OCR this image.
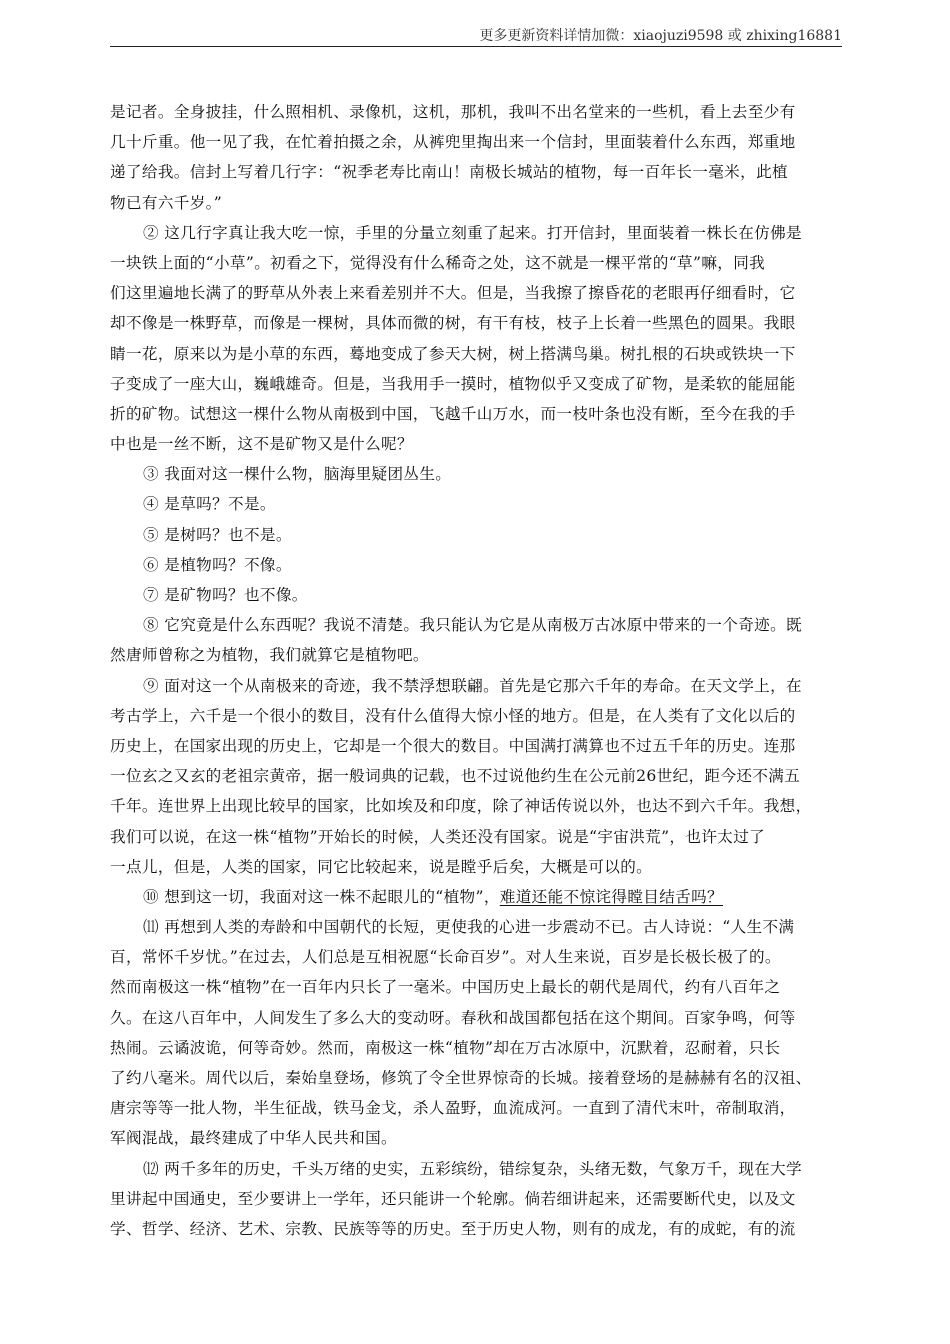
更多更新资料详情加微：xiaojuzi9598 或 zhixing16881
是记者。全身披挂，什么照相机、录像机，这机，那机，我叫不出名堂来的一些机，看上去至少有
几十斤重。他一见了我，在忙着拍摄之余，从裤兜里掏出来一个信封，里面装着什么东西，郑重地
递了给我。信封上写着几行字：“祝季老寿比南山！南极长城站的植物，每一百年长一毫米，此植
物已有六千岁。”
② 这几行字真让我大吃一惊，手里的分量立刻重了起来。打开信封，里面装着一株长在仿佛是
一块铁上面的“小草”。初看之下，觉得没有什么稀奇之处，这不就是一棵平常的“草”嘛，同我
们这里遍地长满了的野草从外表上来看差别并不大。但是，当我擦了擦昏花的老眼再仔细看时，它
却不像是一株野草，而像是一棵树，具体而微的树，有干有枝，枝子上长着一些黑色的圆果。我眼
睛一花，原来以为是小草的东西，蓦地变成了参天大树，树上搭满鸟巢。树扎根的石块或铁块一下
子变成了一座大山，巍峨雄奇。但是，当我用手一摸时，植物似乎又变成了矿物，是柔软的能屈能
折的矿物。试想这一棵什么物从南极到中国，飞越千山万水，而一枝叶条也没有断，至今在我的手
中也是一丝不断，这不是矿物又是什么呢？
③ 我面对这一棵什么物，脑海里疑团丛生。
④ 是草吗？不是。
⑤ 是树吗？也不是。
⑥ 是植物吗？不像。
⑦ 是矿物吗？也不像。
⑧ 它究竟是什么东西呢？我说不清楚。我只能认为它是从南极万古冰原中带来的一个奇迹。既
然唐师曾称之为植物，我们就算它是植物吧。
⑨ 面对这一个从南极来的奇迹，我不禁浮想联翩。首先是它那六千年的寿命。在天文学上，在
考古学上，六千是一个很小的数目，没有什么值得大惊小怪的地方。但是，在人类有了文化以后的
历史上，在国家出现的历史上，它却是一个很大的数目。中国满打满算也不过五千年的历史。连那
一位玄之又玄的老祖宗黄帝，据一般词典的记载，也不过说他约生在公元前26世纪，距今还不满五
千年。连世界上出现比较早的国家，比如埃及和印度，除了神话传说以外，也达不到六千年。我想，
我们可以说，在这一株“植物”开始长的时候，人类还没有国家。说是“宇宙洪荒”，也许太过了
一点儿，但是，人类的国家，同它比较起来，说是瞠乎后矣，大概是可以的。
⑩ 想到这一切，我面对这一株不起眼儿的“植物”，难道还能不惊诧得瞠目结舌吗？
⑾ 再想到人类的寿龄和中国朝代的长短，更使我的心进一步震动不已。古人诗说：“人生不满
百，常怀千岁忧。”在过去，人们总是互相祝愿“长命百岁”。对人生来说，百岁是长极长极了的。
然而南极这一株“植物”在一百年内只长了一毫米。中国历史上最长的朝代是周代，约有八百年之
久。在这八百年中，人间发生了多么大的变动呀。春秋和战国都包括在这个期间。百家争鸣，何等
热闹。云谲波诡，何等奇妙。然而，南极这一株“植物”却在万古冰原中，沉默着，忍耐着，只长
了约八毫米。周代以后，秦始皇登场，修筑了令全世界惊奇的长城。接着登场的是赫赫有名的汉祖、
唐宗等等一批人物，半生征战，铁马金戈，杀人盈野，血流成河。一直到了清代末叶，帝制取消，
军阀混战，最终建成了中华人民共和国。
⑿ 两千多年的历史，千头万绪的史实，五彩缤纷，错综复杂，头绪无数，气象万千，现在大学
里讲起中国通史，至少要讲上一学年，还只能讲一个轮廓。倘若细讲起来，还需要断代史，以及文
学、哲学、经济、艺术、宗教、民族等等的历史。至于历史人物，则有的成龙，有的成蛇，有的流
